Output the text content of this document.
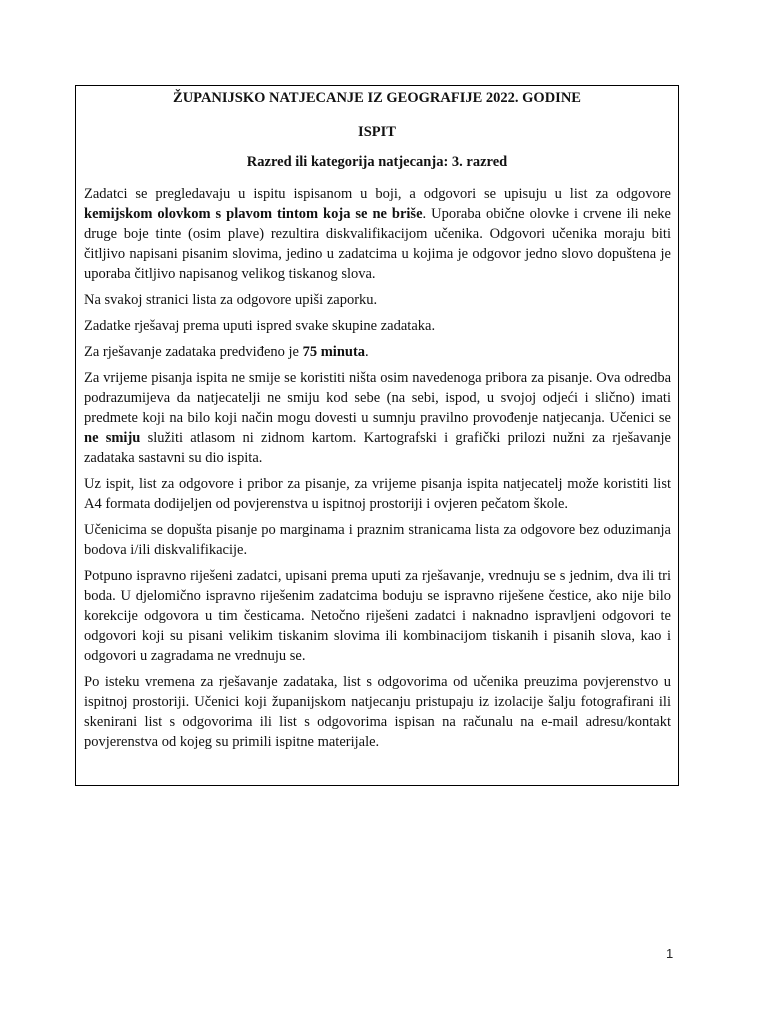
ŽUPANIJSKO NATJECANJE IZ GEOGRAFIJE 2022. GODINE
ISPIT
Razred ili kategorija natjecanja: 3. razred

Zadatci se pregledavaju u ispitu ispisanom u boji, a odgovori se upisuju u list za odgovore kemijskom olovkom s plavom tintom koja se ne briše. Uporaba obične olovke i crvene ili neke druge boje tinte (osim plave) rezultira diskvalifikacijom učenika. Odgovori učenika moraju biti čitljivo napisani pisanim slovima, jedino u zadatcima u kojima je odgovor jedno slovo dopuštena je uporaba čitljivo napisanog velikog tiskanog slova.

Na svakoj stranici lista za odgovore upiši zaporku.

Zadatke rješavaj prema uputi ispred svake skupine zadataka.

Za rješavanje zadataka predviđeno je 75 minuta.

Za vrijeme pisanja ispita ne smije se koristiti ništa osim navedenoga pribora za pisanje. Ova odredba podrazumijeva da natjecatelji ne smiju kod sebe (na sebi, ispod, u svojoj odjeći i slično) imati predmete koji na bilo koji način mogu dovesti u sumnju pravilno provođenje natjecanja. Učenici se ne smiju služiti atlasom ni zidnom kartom. Kartografski i grafički prilozi nužni za rješavanje zadataka sastavni su dio ispita.

Uz ispit, list za odgovore i pribor za pisanje, za vrijeme pisanja ispita natjecatelj može koristiti list A4 formata dodijeljen od povjerenstva u ispitnoj prostoriji i ovjeren pečatom škole.

Učenicima se dopušta pisanje po marginama i praznim stranicama lista za odgovore bez oduzimanja bodova i/ili diskvalifikacije.

Potpuno ispravno riješeni zadatci, upisani prema uputi za rješavanje, vrednuju se s jednim, dva ili tri boda. U djelomično ispravno riješenim zadatcima boduju se ispravno riješene čestice, ako nije bilo korekcije odgovora u tim česticama. Netočno riješeni zadatci i naknadno ispravljeni odgovori te odgovori koji su pisani velikim tiskanim slovima ili kombinacijom tiskanih i pisanih slova, kao i odgovori u zagradama ne vrednuju se.

Po isteku vremena za rješavanje zadataka, list s odgovorima od učenika preuzima povjerenstvo u ispitnoj prostoriji. Učenici koji županijskom natjecanju pristupaju iz izolacije šalju fotografirani ili skenirani list s odgovorima ili list s odgovorima ispisan na računalu na e-mail adresu/kontakt povjerenstva od kojeg su primili ispitne materijale.

1
